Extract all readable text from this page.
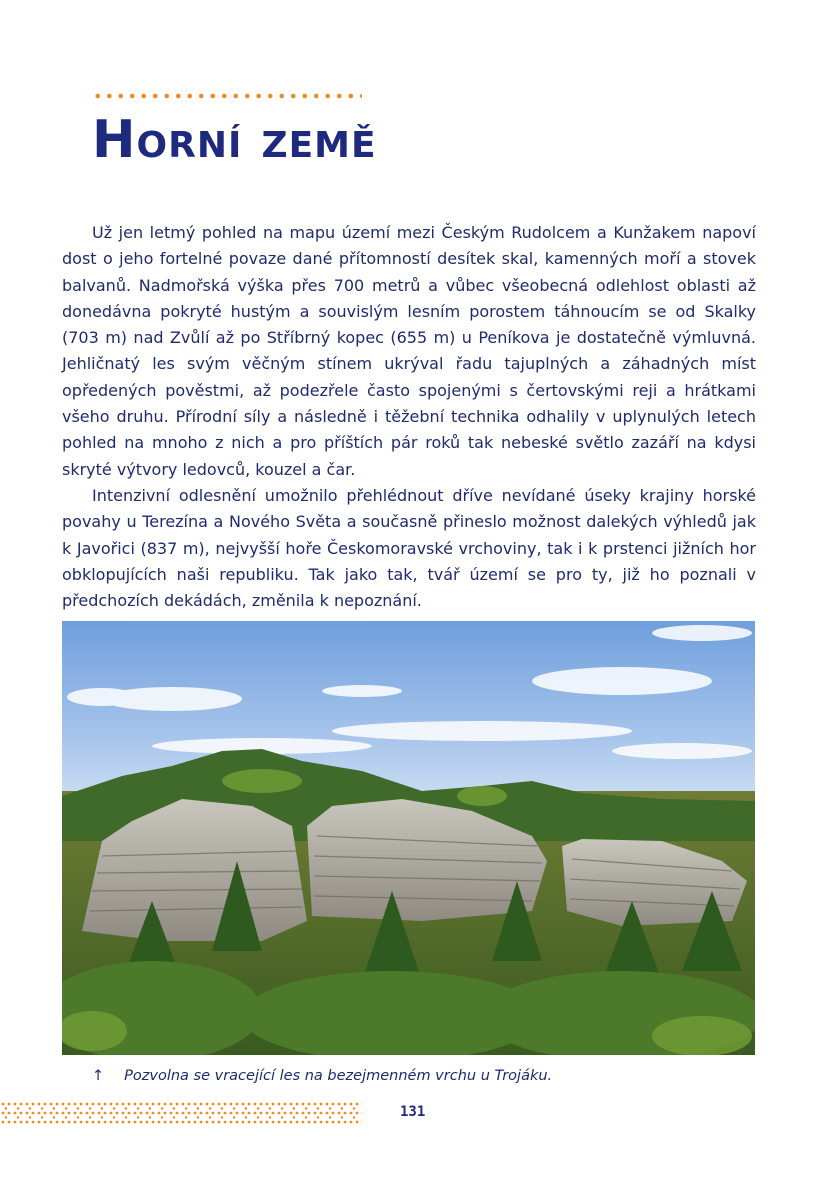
Horní země

Už jen letmý pohled na mapu území mezi Českým Rudolcem a Kunžakem napoví dost o jeho fortelné povaze dané přítomností desítek skal, kamenných moří a stovek balvanů. Nadmořská výška přes 700 metrů a vůbec všeobecná odlehlost oblasti až donedávna pokryté hustým a souvislým lesním porostem táhnoucím se od Skalky (703 m) nad Zvůlí až po Stříbrný kopec (655 m) u Peníkova je dostatečně výmluvná. Jehličnatý les svým věčným stínem ukrýval řadu tajuplných a záhadných míst opředených pověstmi, až podezřele často spojenými s čertovskými reji a hrátkami všeho druhu. Přírodní síly a následně i těžební technika odhalily v uplynulých letech pohled na mnoho z nich a pro příštích pár roků tak nebeské světlo zazáří na kdysi skryté výtvory ledovců, kouzel a čar.

Intenzivní odlesnění umožnilo přehlédnout dříve nevídané úseky krajiny horské povahy u Terezína a Nového Světa a současně přineslo možnost dalekých výhledů jak k Javořici (837 m), nejvyšší hoře Českomoravské vrchoviny, tak i k prstenci jižních hor obklopujících naši republiku. Tak jako tak, tvář území se pro ty, již ho poznali v předchozích dekádách, změnila k nepoznání.

↑ Pozvolna se vracející les na bezejmenném vrchu u Trojáku.
131
